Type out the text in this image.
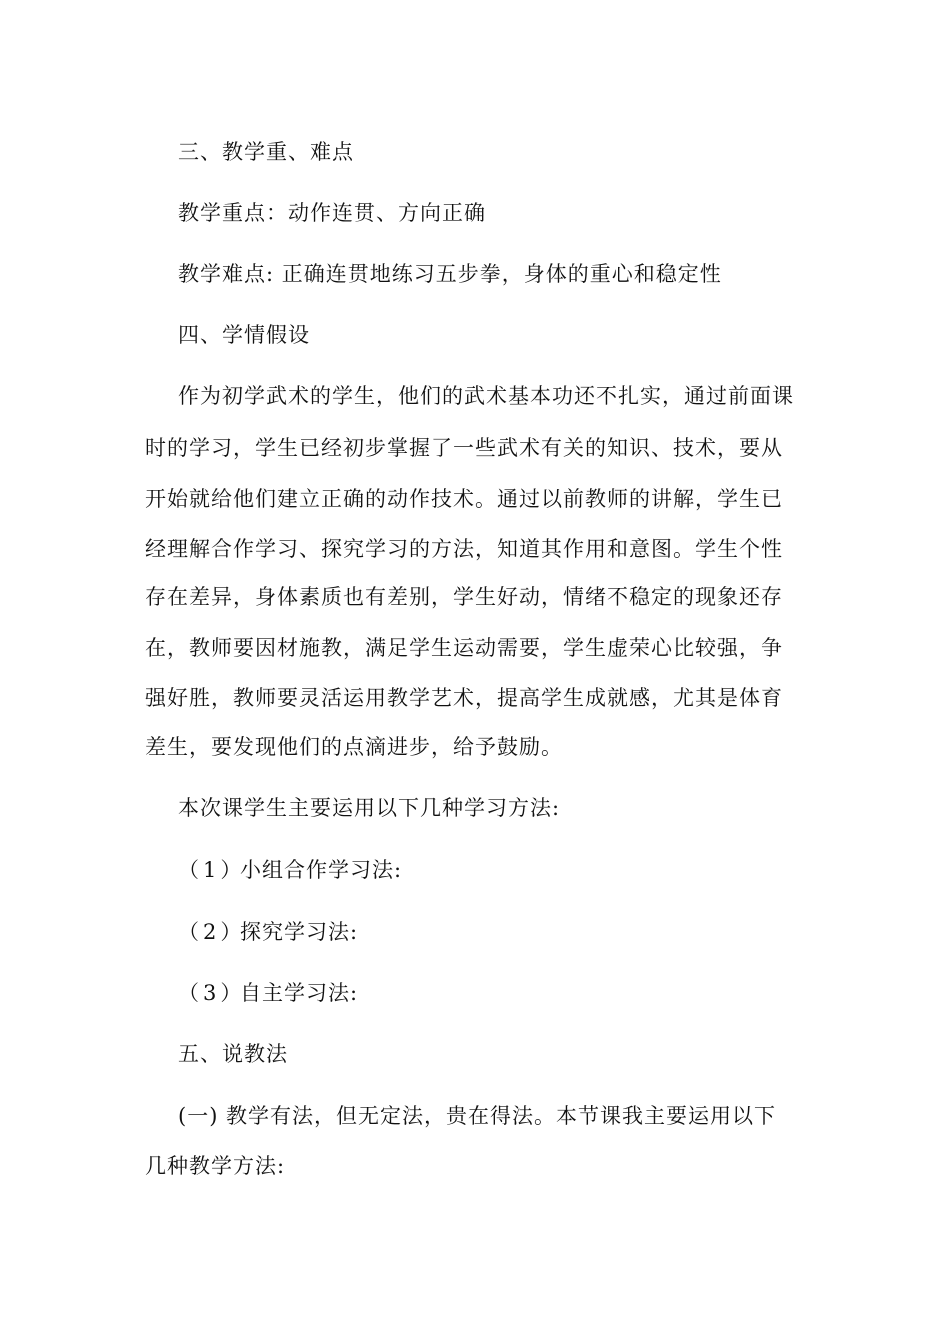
三、教学重、难点
教学重点：动作连贯、方向正确
教学难点: 正确连贯地练习五步拳，身体的重心和稳定性
四、学情假设
作为初学武术的学生，他们的武术基本功还不扎实，通过前面课
时的学习，学生已经初步掌握了一些武术有关的知识、技术，要从
开始就给他们建立正确的动作技术。通过以前教师的讲解，学生已
经理解合作学习、探究学习的方法，知道其作用和意图。学生个性
存在差异，身体素质也有差别，学生好动，情绪不稳定的现象还存
在，教师要因材施教，满足学生运动需要，学生虚荣心比较强，争
强好胜，教师要灵活运用教学艺术，提高学生成就感，尤其是体育
差生，要发现他们的点滴进步，给予鼓励。
本次课学生主要运用以下几种学习方法:
（1）小组合作学习法:
（2）探究学习法:
（3）自主学习法:
五、说教法
(一) 教学有法，但无定法，贵在得法。本节课我主要运用以下
几种教学方法:
